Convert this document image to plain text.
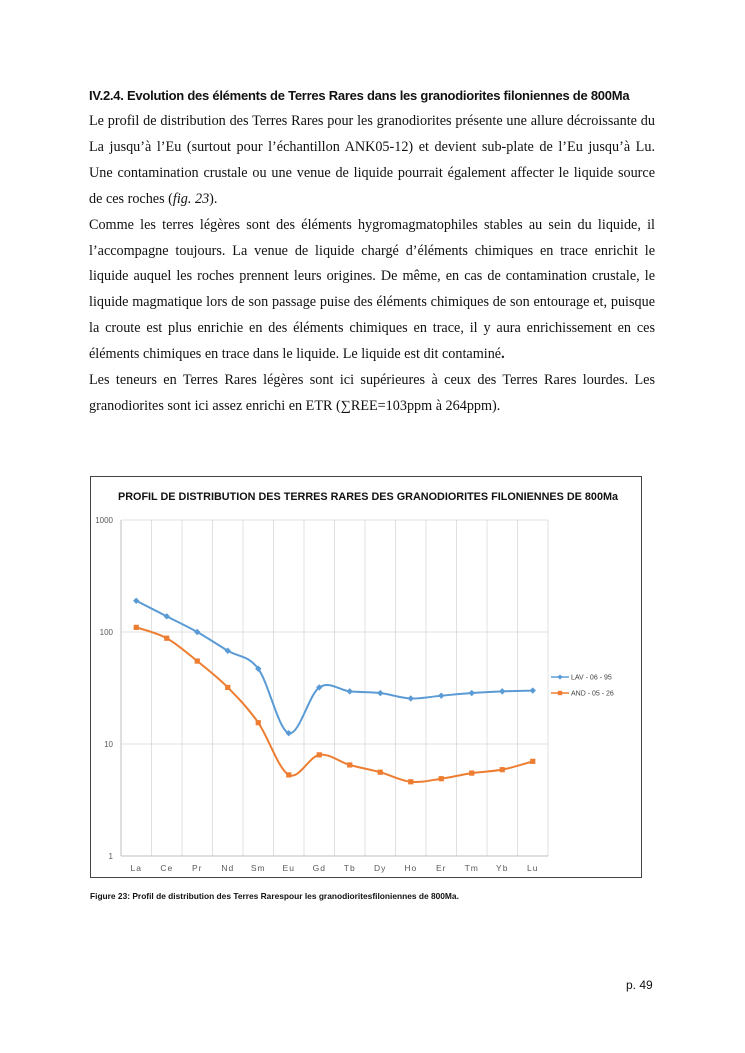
IV.2.4. Evolution des éléments de Terres Rares dans les granodiorites filoniennes de 800Ma

Le profil de distribution des Terres Rares pour les granodiorites présente une allure décroissante du La jusqu’à l’Eu (surtout pour l’échantillon ANK05-12) et devient sub-plate de l’Eu jusqu’à Lu. Une contamination crustale ou une venue de liquide pourrait également affecter le liquide source de ces roches (fig. 23).

Comme les terres légères sont des éléments hygromagmatophiles stables au sein du liquide, il l’accompagne toujours. La venue de liquide chargé d’éléments chimiques en trace enrichit le liquide auquel les roches prennent leurs origines. De même, en cas de contamination crustale, le liquide magmatique lors de son passage puise des éléments chimiques de son entourage et, puisque la croute est plus enrichie en des éléments chimiques en trace, il y aura enrichissement en ces éléments chimiques en trace dans le liquide. Le liquide est dit contaminé.

Les teneurs en Terres Rares légères sont ici supérieures à ceux des Terres Rares lourdes. Les granodiorites sont ici assez enrichi en ETR (∑REE=103ppm à 264ppm).

PROFIL DE DISTRIBUTION DES TERRES RARES DES GRANODIORITES FILONIENNES DE 800Ma
1000
100
10
1
La Ce Pr Nd Sm Eu Gd Tb Dy Ho Er Tm Yb Lu
LAV - 06 - 95
AND - 05 - 26
Figure 23: Profil de distribution des Terres Rarespour les granodioritesfiloniennes de 800Ma.
p. 49
